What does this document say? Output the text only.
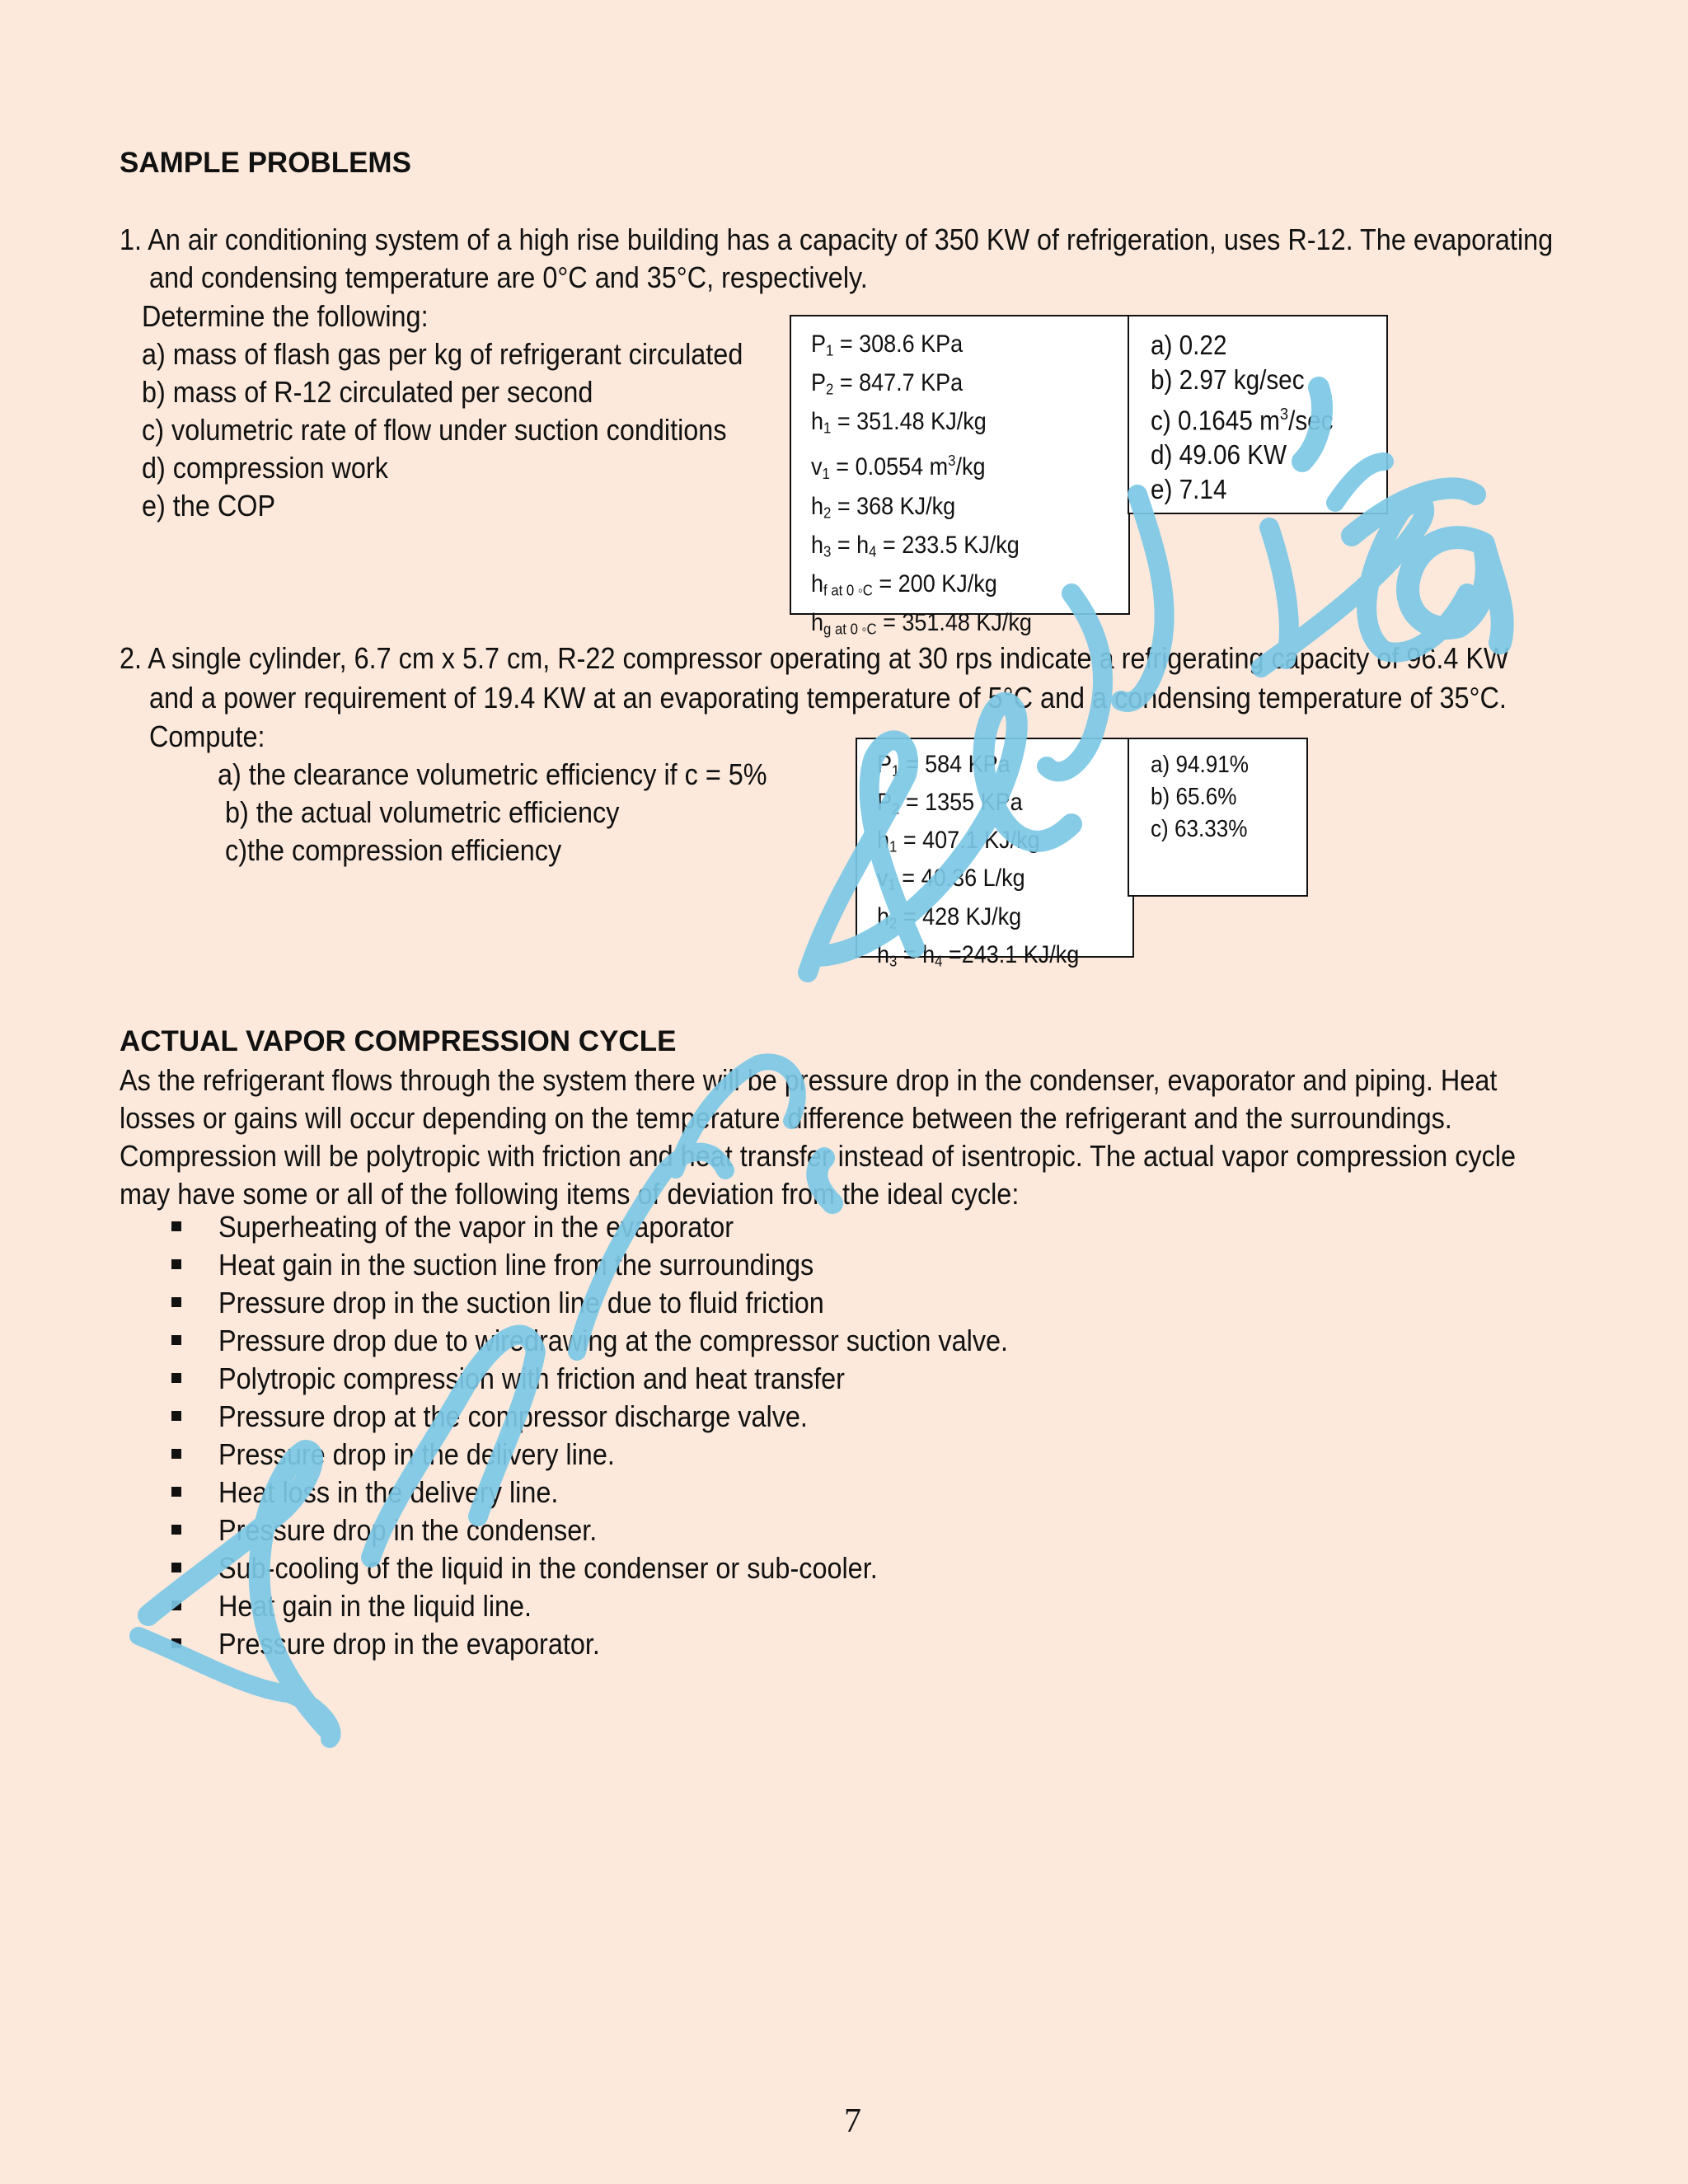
SAMPLE PROBLEMS
1. An air conditioning system of a high rise building has a capacity of 350 KW of refrigeration, uses R-12. The evaporating
and condensing temperature are 0°C and 35°C, respectively.
Determine the following:
a) mass of flash gas per kg of refrigerant circulated
b) mass of R-12 circulated per second
c) volumetric rate of flow under suction conditions
d) compression work
e) the COP
$P_1 = 308.6$ KPa
$P_2 = 847.7$ KPa
$h_1 = 351.48$ KJ/kg
$v_1 = 0.0554$ $m^3/kg$
$h_2 = 368$ KJ/kg
$h_3 = h_4 = 233.5$ KJ/kg
$h_{f at 0 ◦C} = 200$ KJ/kg
$h_{g at 0 ◦C} = 351.48$ KJ/kg
a) 0.22
b) 2.97 kg/sec
c) 0.1645 $m^3/\sec$
d) 49.06 KW
e) 7.14
2. A single cylinder, 6.7 cm x 5.7 cm, R-22 compressor operating at 30 rps indicate a refrigerating capacity of 96.4 KW
and a power requirement of 19.4 KW at an evaporating temperature of 5°C and a condensing temperature of 35°C.
Compute:
a) the clearance volumetric efficiency if c = 5%
b) the actual volumetric efficiency
c)the compression efficiency
$P_1 = 584$ KPa
$P_2 = 1355$ KPa
$h_1 = 407.1$ KJ/kg
$v_1 = 40.36$ L/kg
$h_2 = 428$ KJ/kg
$h_3 = h_4 =243.1$ KJ/kg
a) 94.91%
b) 65.6%
c) 63.33%
ACTUAL VAPOR COMPRESSION CYCLE
As the refrigerant flows through the system there will be pressure drop in the condenser, evaporator and piping. Heat
losses or gains will occur depending on the temperature difference between the refrigerant and the surroundings.
Compression will be polytropic with friction and heat transfer instead of isentropic. The actual vapor compression cycle
may have some or all of the following items of deviation from the ideal cycle:
Superheating of the vapor in the evaporator
Heat gain in the suction line from the surroundings
Pressure drop in the suction line due to fluid friction
Pressure drop due to wiredrawing at the compressor suction valve.
Polytropic compression with friction and heat transfer
Pressure drop at the compressor discharge valve.
Pressure drop in the delivery line.
Heat loss in the delivery line.
Pressure drop in the condenser.
Sub-cooling of the liquid in the condenser or sub-cooler.
Heat gain in the liquid line.
Pressure drop in the evaporator.
7
